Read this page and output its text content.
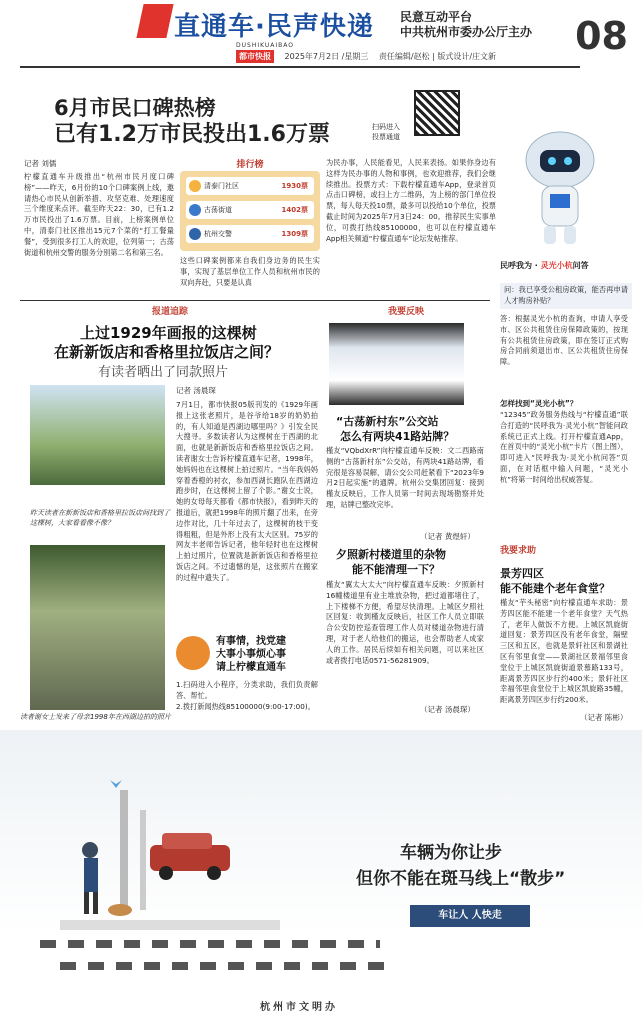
直通车·民声快递 民意互动平台
中共杭州市委办公厅主办
DUSHIKUAIBAO
都市快报 2025年7月2日 /星期三 责任编辑/赵松 | 版式设计/庄文新 08
6月市民口碑热榜
已有1.2万市民投出1.6万票	扫码进入
投票通道
记者 刘儒
柠檬直通车升级推出“杭州市民月度口碑榜”——昨天，6月份的10个口碑案例上线，邀请热心市民从创新举措、攻坚克难、处理速度三个维度来点评。截至昨天22：30，已有1.2万市民投出了1.6万票。目前，上榜案例单位中，清泰门社区推出15元7个菜的“打工餐量餐”，受到很多打工人的欢迎，位列第一；古荡街道和杭州交警的服务分别第二名和第三名。
排行榜
清泰门社区	1930票
古荡街道	1402票
杭州交警	1309票
这些口碑案例都来自我们身边务的民生实事，实现了基层单位工作人员和杭州市民的双向奔赴，只要是认真
为民办事，人民能看见，人民来表扬。如果你身边有这样为民办事的人物和事例，也欢迎推荐，我们会继续推出。投票方式：下载柠檬直通车App，登录首页点击口碑榜，或扫上方二维码，为上榜的部门单位投票，每人每天投10票，最多可以投给10个单位，投票截止时间为2025年7月3日24：00。推荐民生实事单位，可拨打热线85100000，也可以在柠檬直通车App相关频道“柠檬直通车”论坛发帖推荐。
民呼我为 · 灵光小杭问答
问：我已享受公租房政策，能否再申请人才购房补贴？
答：根据灵光小杭的查询，申请人享受市、区公共租赁住房保障政策的，按现有公共租赁住房政策，即在签订正式购房合同前须退出市、区公共租赁住房保障。
怎样找到“灵光小杭”？
“12345”政务服务热线与“柠檬直通”联合打造的“民呼我为·灵光小杭”智能问政系统已正式上线。打开柠檬直通App，在首页中的“灵光小杭”卡片（图上图），即可进入“民呼我为·灵光小杭问答”页面，在对话框中输入问题，“灵光小杭”将第一时间给出权威答复。
报道追踪
上过1929年画报的这棵树
在新新饭店和香格里拉饭店之间？
有读者晒出了同款照片
记者 汤晨琛
昨天读者在新新饭店和香格里拉饭店间找到了这棵树，大家看看像不像？
读者谢女士发来了母亲1998年在西湖边拍的照片
7月1日，都市快报05版刊发的《1929年画报上这张老照片，是谷爷给18岁的奶奶拍的，有人知道是西湖边哪里吗？》引发全民大搜寻。多数读者认为这棵树在于西湖的北面，也就是新新饭店和香格里拉饭店之间。读者谢女士告诉柠檬直通车记者，1998年，她妈妈也在这棵树上拍过照片。“当年我妈妈穿着香橙的衬衣，参加西湖长跑队在西湖边跑步时，在这棵树上留了个影。”谢女士说，她的女母每天都看《都市快报》，看到昨天的报道后，就把1998年的照片翻了出来，在旁边作对比，几十年过去了，这棵树的枝干变得粗粗，但是外形上没有太大区别。75岁的网友丰老师告诉记者，他年轻时也在这棵树上拍过照片，位置就是新新饭店和香格里拉饭店之间。不过遗憾的是，这张照片在搬家的过程中遗失了。
有事情，找党建
大事小事烦心事
请上柠檬直通车
1.扫码进入小程序，分类求助，我们负责解答、帮忙。
2.拨打新闻热线85100000(9:00-17:00)。
我要反映
“古荡新村东”公交站
怎么有两块41路站牌？
槿友“VQbdXrR”向柠檬直通车反映：文二西路南侧的“古荡新村东”公交站，有两块41路站牌，看完很是容易误解，请公交公司赶紧看下“2023年9月2日起实施”的通牌。杭州公交集团回复：接到槿友反映后，工作人员第一时间去现场勘察并处理，站牌已整改完毕。
（记者 黄煜轩）
夕照新村楼道里的杂物
能不能清理一下？
槿友“翼太大太大”向柠檬直通车反映：夕照新村16幢楼道里有业主堆放杂物，把过道都堵住了，上下楼梯不方便，希望尽快清理。上城区夕照社区回复：收到槿友反映后，社区工作人员立即联合公安防控巡查管理工作人员对楼道杂物进行清理，对于老人给他们的搬运，也会帮助老人成家人的工作。居民后续如有相关问题，可以来社区或者拨打电话0571-56281909。
（记者 汤晨琛）
我要求助
景芳四区
能不能建个老年食堂？
槿友“芋头秘密”向柠檬直通车求助：景芳四区能不能建一个老年食堂？天气热了，老年人做饭不方便。上城区凯旋街道回复：景芳四区没有老年食堂，隔壁三区和五区，也就是景轩社区和景湖社区有邻里食堂——景湖社区景福邻里食堂位于上城区凯旋街道景慕路133号，距离景芳四区步行约400米；景轩社区幸福邻里食堂位于上城区凯旋路35幢，距离景芳四区步行约200米。
（记者 陈彬）
车辆为你让步
但你不能在斑马线上“散步”
车让人 人快走
杭州市文明办
